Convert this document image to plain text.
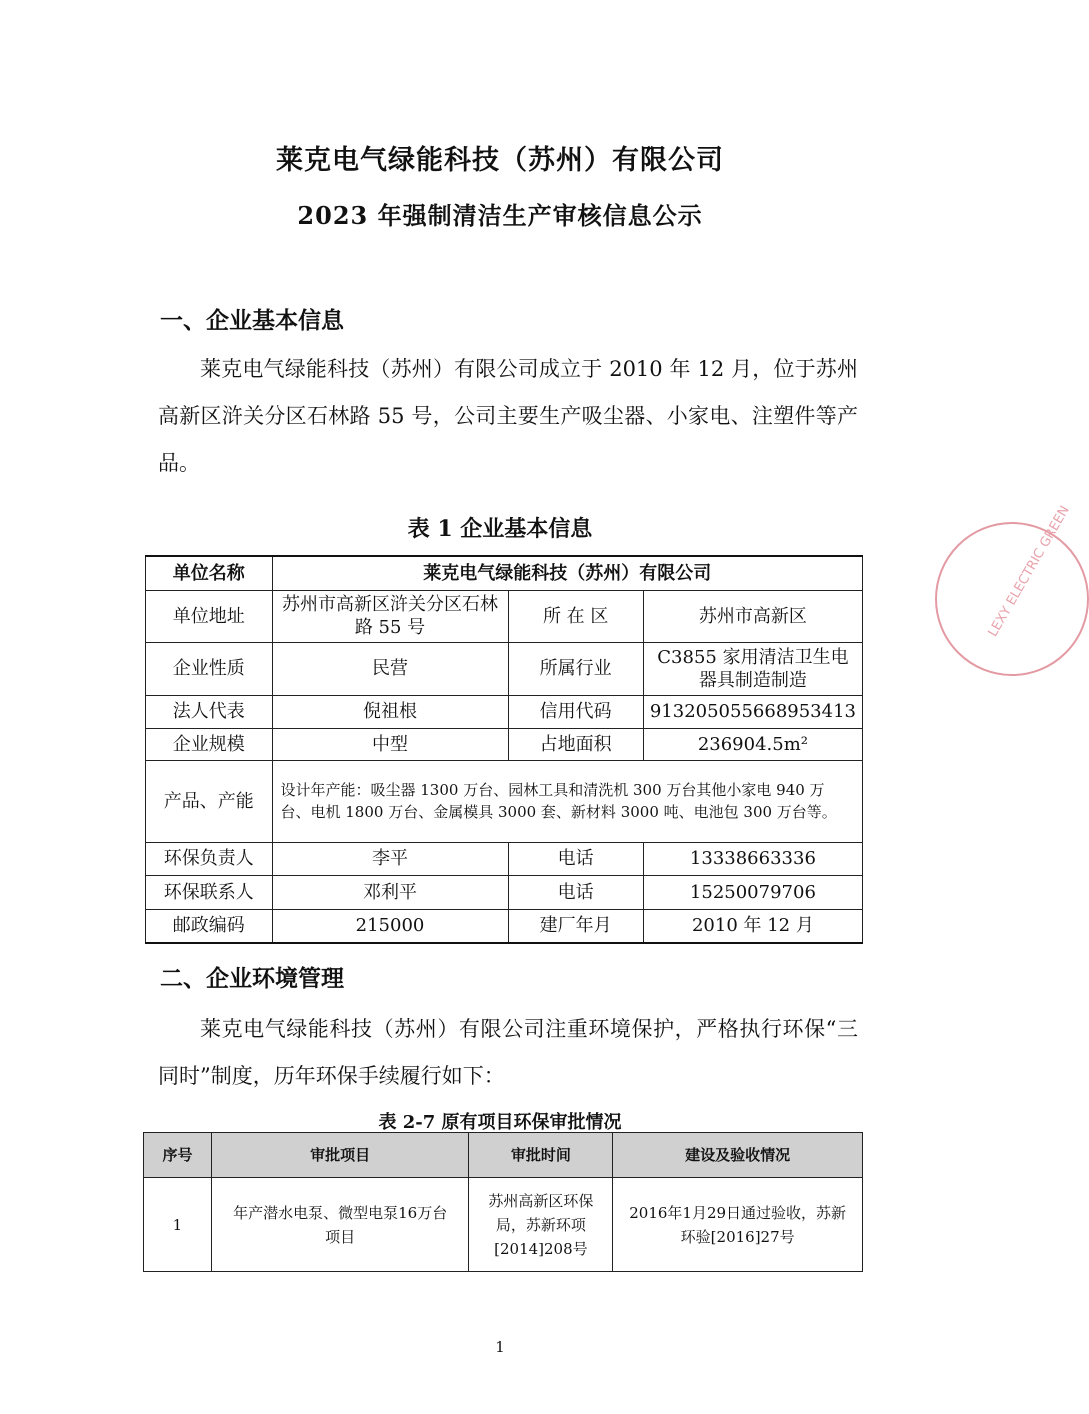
莱克电气绿能科技（苏州）有限公司
2023 年强制清洁生产审核信息公示
一、企业基本信息
莱克电气绿能科技（苏州）有限公司成立于 2010 年 12 月，位于苏州高新区浒关分区石林路 55 号，公司主要生产吸尘器、小家电、注塑件等产品。
表 1 企业基本信息
单位名称	莱克电气绿能科技（苏州）有限公司		
单位地址	苏州市高新区浒关分区石林路 55 号	所 在 区	苏州市高新区
企业性质	民营	所属行业	C3855 家用清洁卫生电器具制造制造
法人代表	倪祖根	信用代码	913205055668953413
企业规模	中型	占地面积	236904.5m²
产品、产能	设计年产能：吸尘器 1300 万台、园林工具和清洗机 300 万台其他小家电 940 万台、电机 1800 万台、金属模具 3000 套、新材料 3000 吨、电池包 300 万台等。		
环保负责人	李平	电话	13338663336
环保联系人	邓利平	电话	15250079706
邮政编码	215000	建厂年月	2010 年 12 月
二、企业环境管理
莱克电气绿能科技（苏州）有限公司注重环境保护，严格执行环保“三同时”制度，历年环保手续履行如下：
表 2-7 原有项目环保审批情况
序号	审批项目	审批时间	建设及验收情况
1	年产潜水电泵、微型电泵16万台项目	苏州高新区环保局，苏新环项[2014]208号	2016年1月29日通过验收，苏新环验[2016]27号
1
LEXY ELECTRIC GREEN
